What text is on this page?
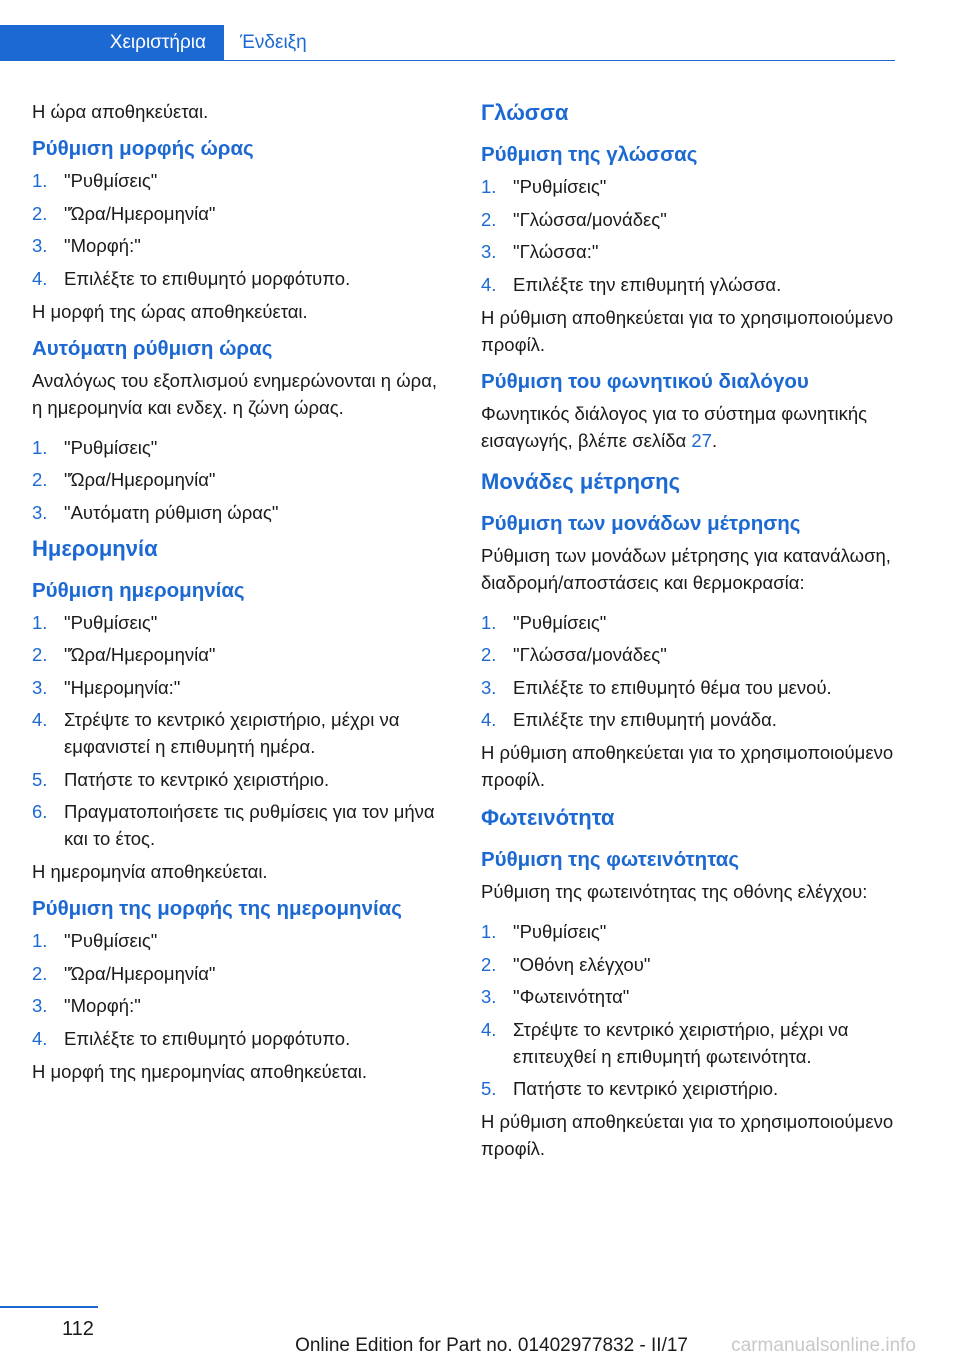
Χειριστήρια	Ένδειξη

Η ώρα αποθηκεύεται.

Ρύθμιση μορφής ώρας
1. "Ρυθμίσεις"
2. "Ώρα/Ημερομηνία"
3. "Μορφή:"
4. Επιλέξτε το επιθυμητό μορφότυπο.

Η μορφή της ώρας αποθηκεύεται.

Αυτόματη ρύθμιση ώρας

Αναλόγως του εξοπλισμού ενημερώνονται η ώρα, η ημερομηνία και ενδεχ. η ζώνη ώρας.

1. "Ρυθμίσεις"
2. "Ώρα/Ημερομηνία"
3. "Αυτόματη ρύθμιση ώρας"
Ημερομηνία
Ρύθμιση ημερομηνίας
1. "Ρυθμίσεις"
2. "Ώρα/Ημερομηνία"
3. "Ημερομηνία:"
4. Στρέψτε το κεντρικό χειριστήριο, μέχρι να εμφανιστεί η επιθυμητή ημέρα.
5. Πατήστε το κεντρικό χειριστήριο.
6. Πραγματοποιήσετε τις ρυθμίσεις για τον μήνα και το έτος.

Η ημερομηνία αποθηκεύεται.

Ρύθμιση της μορφής της ημερομηνίας
1. "Ρυθμίσεις"
2. "Ώρα/Ημερομηνία"
3. "Μορφή:"
4. Επιλέξτε το επιθυμητό μορφότυπο.

Η μορφή της ημερομηνίας αποθηκεύεται.

Γλώσσα
Ρύθμιση της γλώσσας
1. "Ρυθμίσεις"
2. "Γλώσσα/μονάδες"
3. "Γλώσσα:"
4. Επιλέξτε την επιθυμητή γλώσσα.

Η ρύθμιση αποθηκεύεται για το χρησιμοποιούμενο προφίλ.

Ρύθμιση του φωνητικού διαλόγου

Φωνητικός διάλογος για το σύστημα φωνητικής εισαγωγής, βλέπε σελίδα 27.

Μονάδες μέτρησης
Ρύθμιση των μονάδων μέτρησης

Ρύθμιση των μονάδων μέτρησης για κατανάλωση, διαδρομή/αποστάσεις και θερμοκρασία:

1. "Ρυθμίσεις"
2. "Γλώσσα/μονάδες"
3. Επιλέξτε το επιθυμητό θέμα του μενού.
4. Επιλέξτε την επιθυμητή μονάδα.

Η ρύθμιση αποθηκεύεται για το χρησιμοποιούμενο προφίλ.

Φωτεινότητα
Ρύθμιση της φωτεινότητας

Ρύθμιση της φωτεινότητας της οθόνης ελέγχου:

1. "Ρυθμίσεις"
2. "Οθόνη ελέγχου"
3. "Φωτεινότητα"
4. Στρέψτε το κεντρικό χειριστήριο, μέχρι να επιτευχθεί η επιθυμητή φωτεινότητα.
5. Πατήστε το κεντρικό χειριστήριο.

Η ρύθμιση αποθηκεύεται για το χρησιμοποιούμενο προφίλ.

112
Online Edition for Part no. 01402977832 - II/17 carmanualsonline.info
